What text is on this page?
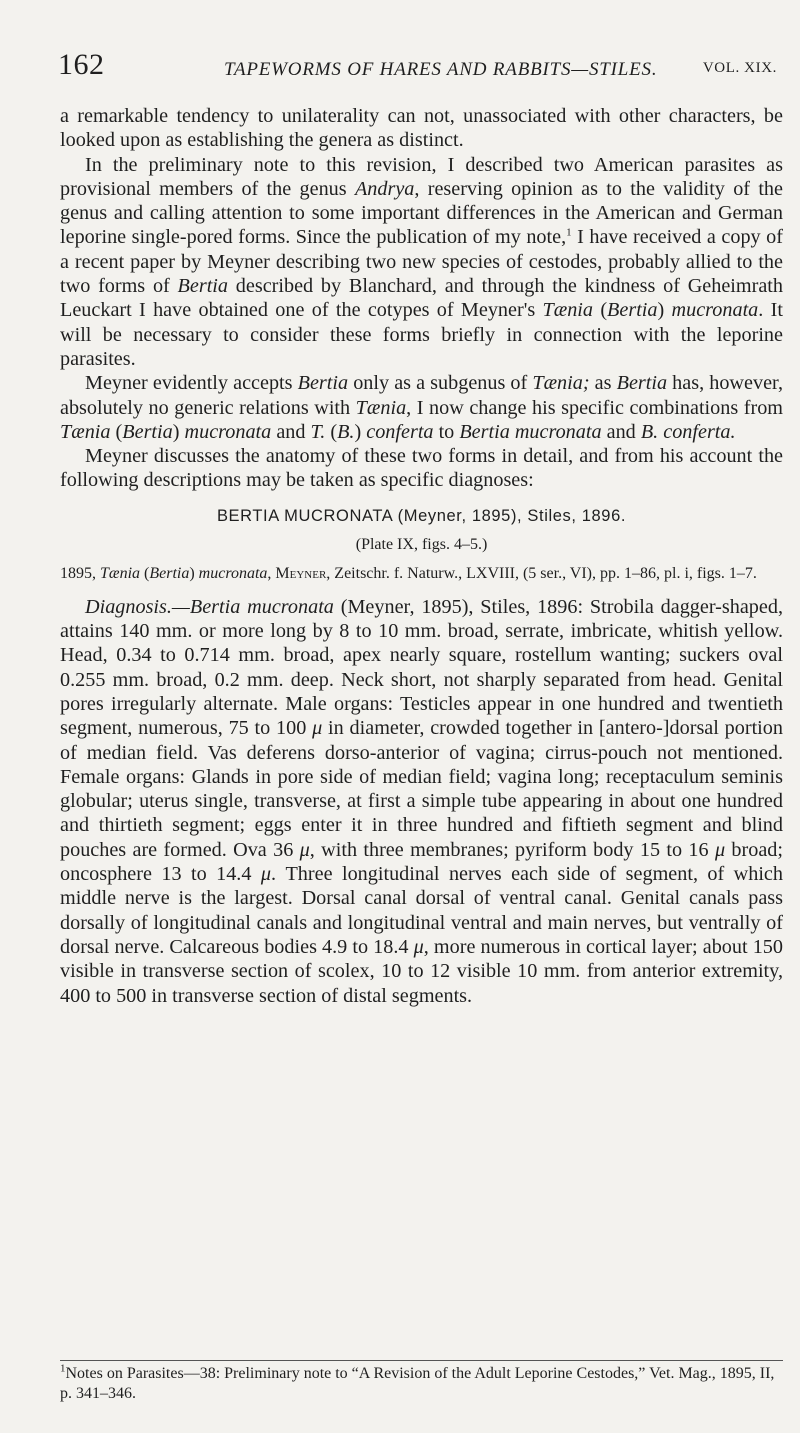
162	TAPEWORMS OF HARES AND RABBITS—STILES.	VOL. XIX.

a remarkable tendency to unilaterality can not, unassociated with other characters, be looked upon as establishing the genera as distinct.

In the preliminary note to this revision, I described two American parasites as provisional members of the genus Andrya, reserving opinion as to the validity of the genus and calling attention to some important differences in the American and German leporine single-pored forms. Since the publication of my note,$^1$ I have received a copy of a recent paper by Meyner describing two new species of cestodes, probably allied to the two forms of Bertia described by Blanchard, and through the kindness of Geheimrath Leuckart I have obtained one of the cotypes of Meyner's Tænia (Bertia) mucronata. It will be necessary to consider these forms briefly in connection with the leporine parasites.

Meyner evidently accepts Bertia only as a subgenus of Tænia; as Bertia has, however, absolutely no generic relations with Tænia, I now change his specific combinations from Tænia (Bertia) mucronata and T. (B.) conferta to Bertia mucronata and B. conferta.

Meyner discusses the anatomy of these two forms in detail, and from his account the following descriptions may be taken as specific diagnoses:

BERTIA MUCRONATA (Meyner, 1895), Stiles, 1896.
(Plate IX, figs. 4–5.)
1895, Tænia (Bertia) mucronata, Meyner, Zeitschr. f. Naturw., LXVIII, (5 ser., VI), pp. 1–86, pl. i, figs. 1–7.

Diagnosis.—Bertia mucronata (Meyner, 1895), Stiles, 1896: Strobila dagger-shaped, attains 140 mm. or more long by 8 to 10 mm. broad, serrate, imbricate, whitish yellow. Head, 0.34 to 0.714 mm. broad, apex nearly square, rostellum wanting; suckers oval 0.255 mm. broad, 0.2 mm. deep. Neck short, not sharply separated from head. Genital pores irregularly alternate. Male organs: Testicles appear in one hundred and twentieth segment, numerous, 75 to 100 μ in diameter, crowded together in [antero-]dorsal portion of median field. Vas deferens dorso-anterior of vagina; cirrus-pouch not mentioned. Female organs: Glands in pore side of median field; vagina long; receptaculum seminis globular; uterus single, transverse, at first a simple tube appearing in about one hundred and thirtieth segment; eggs enter it in three hundred and fiftieth segment and blind pouches are formed. Ova 36 μ, with three membranes; pyriform body 15 to 16 μ broad; oncosphere 13 to 14.4 μ. Three longitudinal nerves each side of segment, of which middle nerve is the largest. Dorsal canal dorsal of ventral canal. Genital canals pass dorsally of longitudinal canals and longitudinal ventral and main nerves, but ventrally of dorsal nerve. Calcareous bodies 4.9 to 18.4 μ, more numerous in cortical layer; about 150 visible in transverse section of scolex, 10 to 12 visible 10 mm. from anterior extremity, 400 to 500 in transverse section of distal segments.

$^1$Notes on Parasites—38: Preliminary note to “A Revision of the Adult Leporine Cestodes,” Vet. Mag., 1895, II, p. 341–346.
